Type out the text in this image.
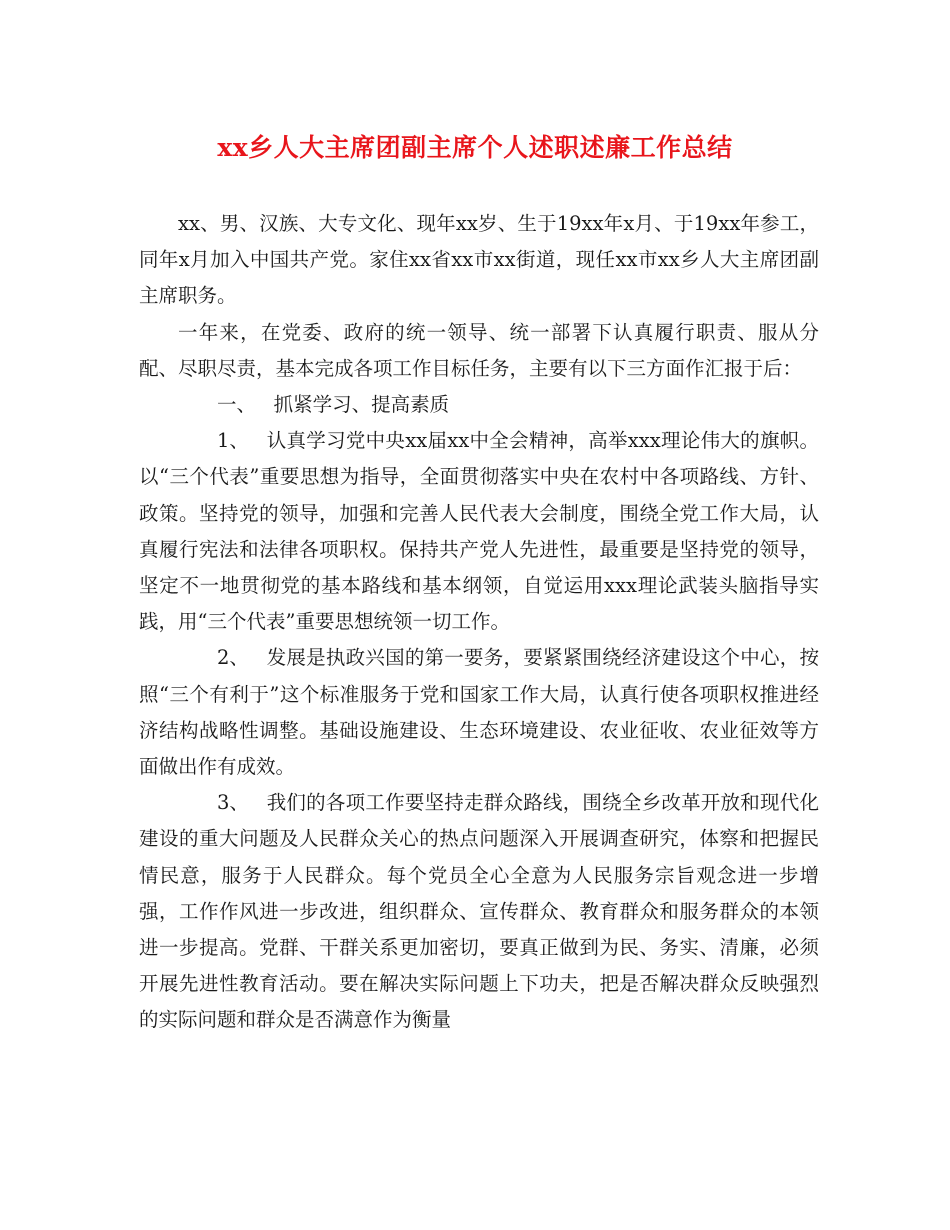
xx乡人大主席团副主席个人述职述廉工作总结

xx、男、汉族、大专文化、现年xx岁、生于19xx年x月、于19xx年参工，同年x月加入中国共产党。家住xx省xx市xx街道，现任xx市xx乡人大主席团副主席职务。

一年来，在党委、政府的统一领导、统一部署下认真履行职责、服从分配、尽职尽责，基本完成各项工作目标任务，主要有以下三方面作汇报于后：

一、 抓紧学习、提高素质

1、 认真学习党中央xx届xx中全会精神，高举xxx理论伟大的旗帜。以“三个代表”重要思想为指导，全面贯彻落实中央在农村中各项路线、方针、政策。坚持党的领导，加强和完善人民代表大会制度，围绕全党工作大局，认真履行宪法和法律各项职权。保持共产党人先进性，最重要是坚持党的领导，坚定不一地贯彻党的基本路线和基本纲领，自觉运用xxx理论武装头脑指导实践，用“三个代表”重要思想统领一切工作。

2、 发展是执政兴国的第一要务，要紧紧围绕经济建设这个中心，按照“三个有利于”这个标准服务于党和国家工作大局，认真行使各项职权推进经济结构战略性调整。基础设施建设、生态环境建设、农业征收、农业征效等方面做出作有成效。

3、 我们的各项工作要坚持走群众路线，围绕全乡改革开放和现代化建设的重大问题及人民群众关心的热点问题深入开展调查研究，体察和把握民情民意，服务于人民群众。每个党员全心全意为人民服务宗旨观念进一步增强，工作作风进一步改进，组织群众、宣传群众、教育群众和服务群众的本领进一步提高。党群、干群关系更加密切，要真正做到为民、务实、清廉，必须开展先进性教育活动。要在解决实际问题上下功夫，把是否解决群众反映强烈的实际问题和群众是否满意作为衡量
